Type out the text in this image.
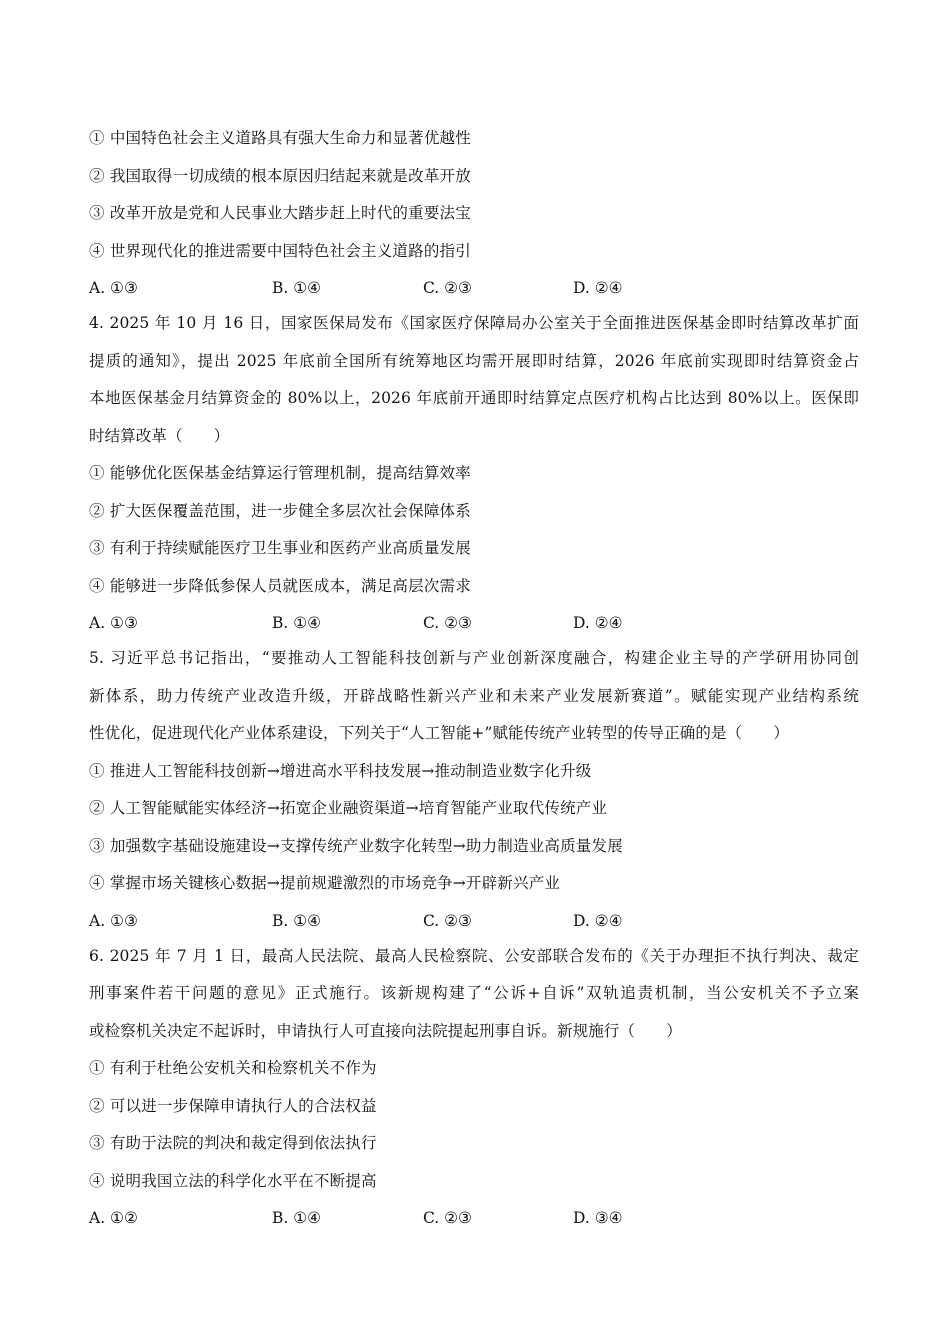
① 中国特色社会主义道路具有强大生命力和显著优越性
② 我国取得一切成绩的根本原因归结起来就是改革开放
③ 改革开放是党和人民事业大踏步赶上时代的重要法宝
④ 世界现代化的推进需要中国特色社会主义道路的指引
A. ①③	B. ①④	C. ②③	D. ②④
4. 2025 年 10 月 16 日，国家医保局发布《国家医疗保障局办公室关于全面推进医保基金即时结算改革扩面
提质的通知》，提出 2025 年底前全国所有统筹地区均需开展即时结算，2026 年底前实现即时结算资金占
本地医保基金月结算资金的 80%以上，2026 年底前开通即时结算定点医疗机构占比达到 80%以上。医保即
时结算改革（　　）
① 能够优化医保基金结算运行管理机制，提高结算效率
② 扩大医保覆盖范围，进一步健全多层次社会保障体系
③ 有利于持续赋能医疗卫生事业和医药产业高质量发展
④ 能够进一步降低参保人员就医成本，满足高层次需求
A. ①③	B. ①④	C. ②③	D. ②④
5. 习近平总书记指出，“要推动人工智能科技创新与产业创新深度融合，构建企业主导的产学研用协同创
新体系，助力传统产业改造升级，开辟战略性新兴产业和未来产业发展新赛道”。赋能实现产业结构系统
性优化，促进现代化产业体系建设，下列关于“人工智能+”赋能传统产业转型的传导正确的是（　　）
① 推进人工智能科技创新→增进高水平科技发展→推动制造业数字化升级
② 人工智能赋能实体经济→拓宽企业融资渠道→培育智能产业取代传统产业
③ 加强数字基础设施建设→支撑传统产业数字化转型→助力制造业高质量发展
④ 掌握市场关键核心数据→提前规避激烈的市场竞争→开辟新兴产业
A. ①③	B. ①④	C. ②③	D. ②④
6. 2025 年 7 月 1 日，最高人民法院、最高人民检察院、公安部联合发布的《关于办理拒不执行判决、裁定
刑事案件若干问题的意见》正式施行。该新规构建了“公诉+自诉”双轨追责机制，当公安机关不予立案
或检察机关决定不起诉时，申请执行人可直接向法院提起刑事自诉。新规施行（　　）
① 有利于杜绝公安机关和检察机关不作为
② 可以进一步保障申请执行人的合法权益
③ 有助于法院的判决和裁定得到依法执行
④ 说明我国立法的科学化水平在不断提高
A. ①②	B. ①④	C. ②③	D. ③④
